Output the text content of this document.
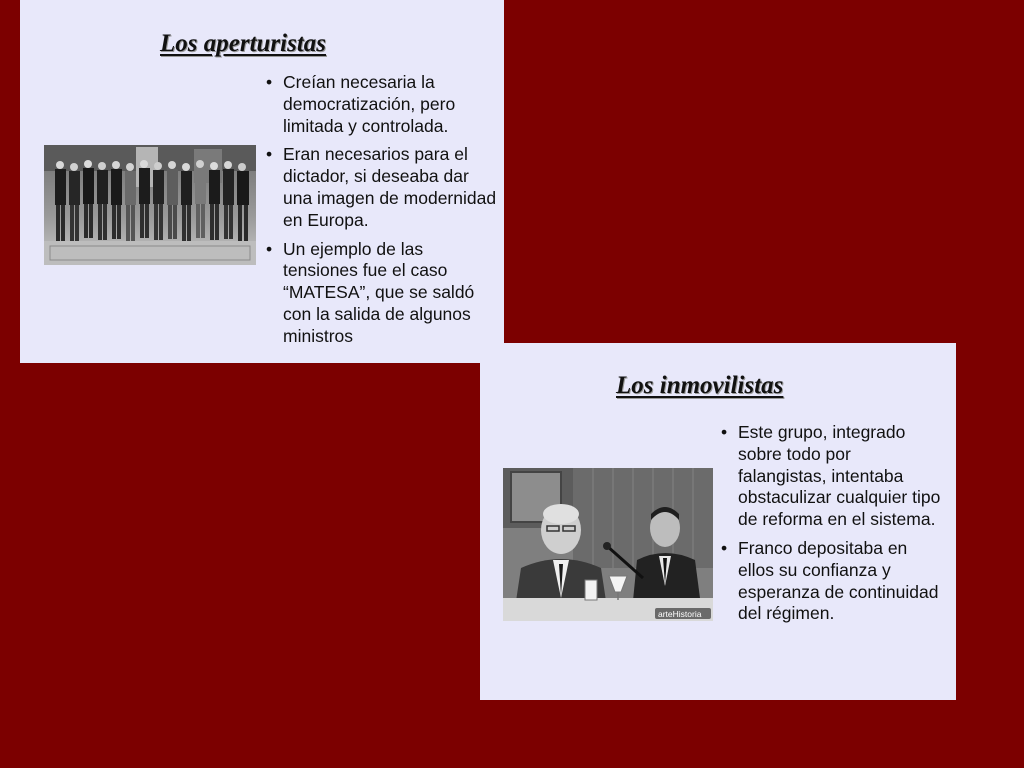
Los aperturistas
• Creían necesaria la democratización, pero limitada y controlada.
• Eran necesarios para el dictador, si deseaba dar una imagen de modernidad en Europa.
• Un ejemplo de las tensiones fue el caso “MATESA”, que se saldó con la salida de algunos ministros
Los inmovilistas
arteHistoria
• Este grupo, integrado sobre todo por falangistas, intentaba obstaculizar cualquier tipo de reforma en el sistema.
• Franco depositaba en ellos su confianza y esperanza de continuidad del régimen.
